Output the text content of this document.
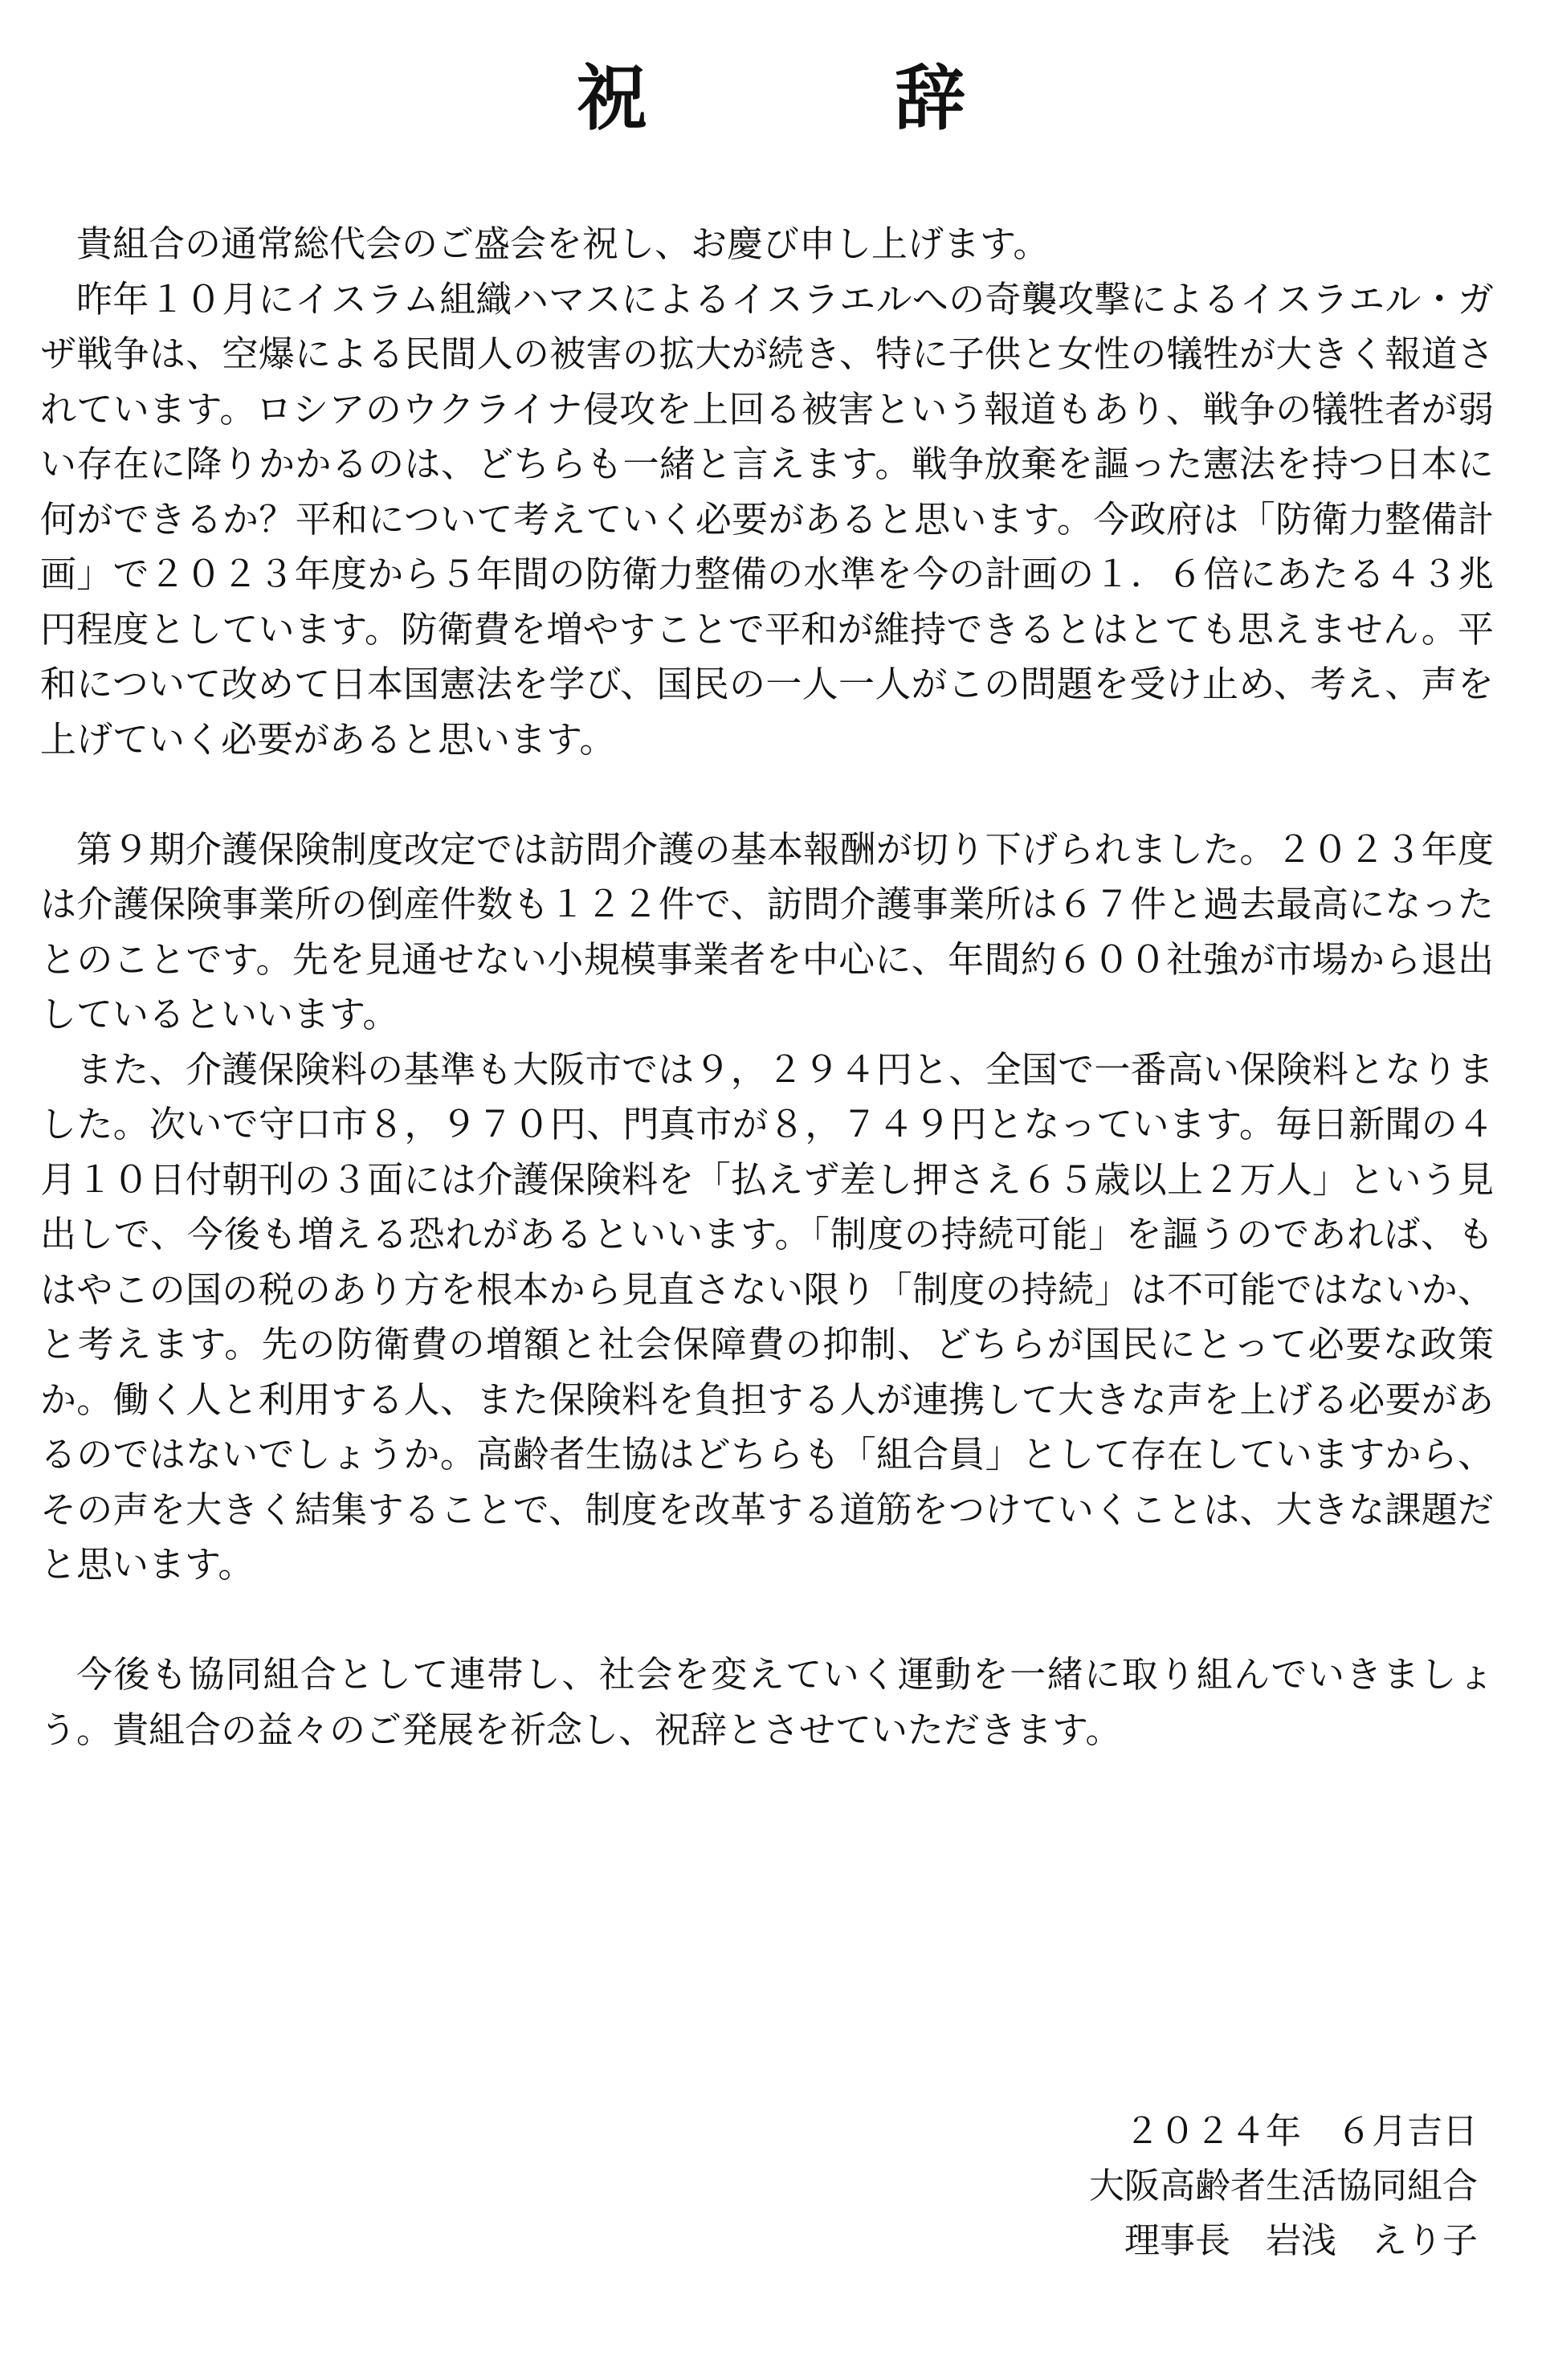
祝　辞

貴組合の通常総代会のご盛会を祝し、お慶び申し上げます。

昨年１０月にイスラム組織ハマスによるイスラエルへの奇襲攻撃によるイスラエル・ガザ戦争は、空爆による民間人の被害の拡大が続き、特に子供と女性の犠牲が大きく報道されています。ロシアのウクライナ侵攻を上回る被害という報道もあり、戦争の犠牲者が弱い存在に降りかかるのは、どちらも一緒と言えます。戦争放棄を謳った憲法を持つ日本に何ができるか？平和について考えていく必要があると思います。今政府は「防衛力整備計画」で２０２３年度から５年間の防衛力整備の水準を今の計画の１．６倍にあたる４３兆円程度としています。防衛費を増やすことで平和が維持できるとはとても思えません。平和について改めて日本国憲法を学び、国民の一人一人がこの問題を受け止め、考え、声を上げていく必要があると思います。

第９期介護保険制度改定では訪問介護の基本報酬が切り下げられました。２０２３年度は介護保険事業所の倒産件数も１２２件で、訪問介護事業所は６７件と過去最高になったとのことです。先を見通せない小規模事業者を中心に、年間約６００社強が市場から退出しているといいます。

また、介護保険料の基準も大阪市では９，２９４円と、全国で一番高い保険料となりました。次いで守口市８，９７０円、門真市が８，７４９円となっています。毎日新聞の４月１０日付朝刊の３面には介護保険料を「払えず差し押さえ６５歳以上２万人」という見出しで、今後も増える恐れがあるといいます。「制度の持続可能」を謳うのであれば、もはやこの国の税のあり方を根本から見直さない限り「制度の持続」は不可能ではないか、と考えます。先の防衛費の増額と社会保障費の抑制、どちらが国民にとって必要な政策か。働く人と利用する人、また保険料を負担する人が連携して大きな声を上げる必要があるのではないでしょうか。高齢者生協はどちらも「組合員」として存在していますから、その声を大きく結集することで、制度を改革する道筋をつけていくことは、大きな課題だと思います。

今後も協同組合として連帯し、社会を変えていく運動を一緒に取り組んでいきましょう。貴組合の益々のご発展を祈念し、祝辞とさせていただきます。

２０２４年　６月吉日
大阪高齢者生活協同組合
理事長　岩浅　えり子
